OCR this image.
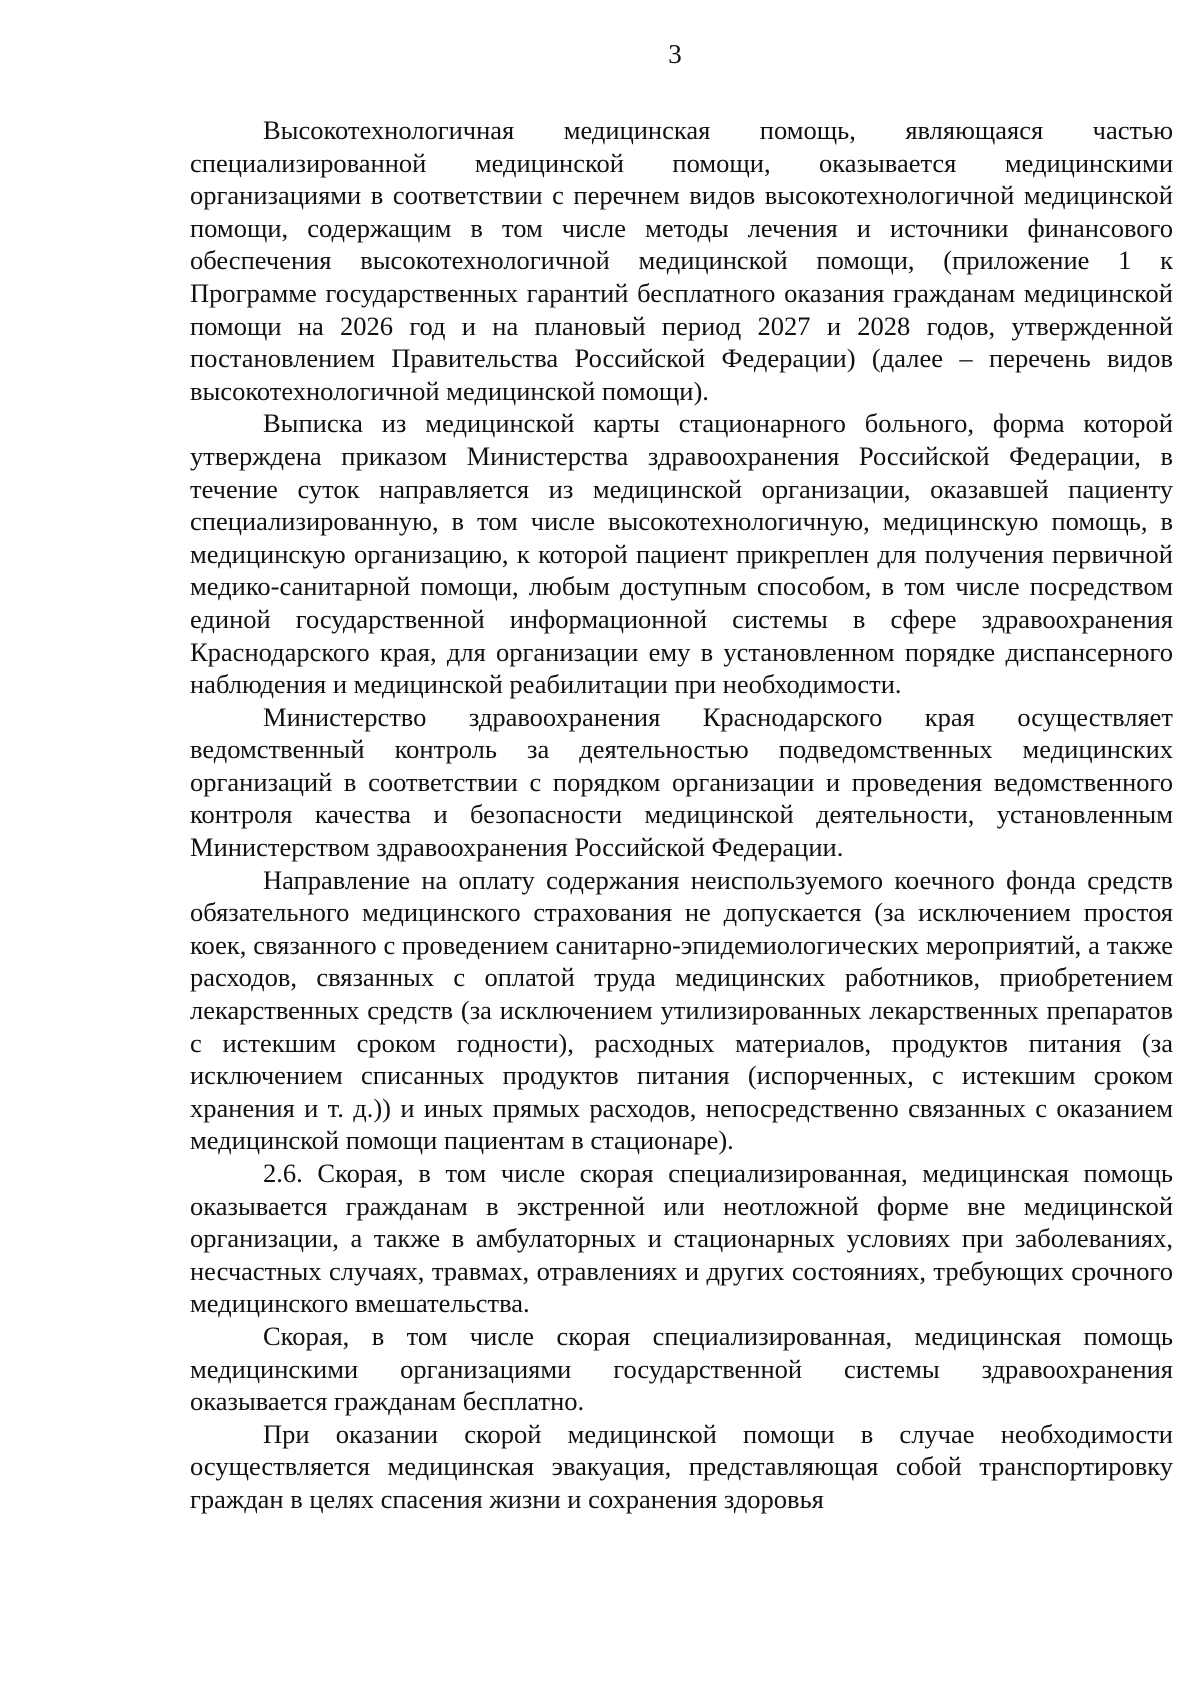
3

Высокотехнологичная медицинская помощь, являющаяся частью специализированной медицинской помощи, оказывается медицинскими организациями в соответствии с перечнем видов высокотехнологичной медицинской помощи, содержащим в том числе методы лечения и источники финансового обеспечения высокотехнологичной медицинской помощи, (приложение 1 к Программе государственных гарантий бесплатного оказания гражданам медицинской помощи на 2026 год и на плановый период 2027 и 2028 годов, утвержденной постановлением Правительства Российской Федерации) (далее – перечень видов высокотехнологичной медицинской помощи).

Выписка из медицинской карты стационарного больного, форма которой утверждена приказом Министерства здравоохранения Российской Федерации, в течение суток направляется из медицинской организации, оказавшей пациенту специализированную, в том числе высокотехнологичную, медицинскую помощь, в медицинскую организацию, к которой пациент прикреплен для получения первичной медико-санитарной помощи, любым доступным способом, в том числе посредством единой государственной информационной системы в сфере здравоохранения Краснодарского края, для организации ему в установленном порядке диспансерного наблюдения и медицинской реабилитации при необходимости.

Министерство здравоохранения Краснодарского края осуществляет ведомственный контроль за деятельностью подведомственных медицинских организаций в соответствии с порядком организации и проведения ведомственного контроля качества и безопасности медицинской деятельности, установленным Министерством здравоохранения Российской Федерации.

Направление на оплату содержания неиспользуемого коечного фонда средств обязательного медицинского страхования не допускается (за исключением простоя коек, связанного с проведением санитарно-эпидемиологических мероприятий, а также расходов, связанных с оплатой труда медицинских работников, приобретением лекарственных средств (за исключением утилизированных лекарственных препаратов с истекшим сроком годности), расходных материалов, продуктов питания (за исключением списанных продуктов питания (испорченных, с истекшим сроком хранения и т. д.)) и иных прямых расходов, непосредственно связанных с оказанием медицинской помощи пациентам в стационаре).

2.6. Скорая, в том числе скорая специализированная, медицинская помощь оказывается гражданам в экстренной или неотложной форме вне медицинской организации, а также в амбулаторных и стационарных условиях при заболеваниях, несчастных случаях, травмах, отравлениях и других состояниях, требующих срочного медицинского вмешательства.

Скорая, в том числе скорая специализированная, медицинская помощь медицинскими организациями государственной системы здравоохранения оказывается гражданам бесплатно.

При оказании скорой медицинской помощи в случае необходимости осуществляется медицинская эвакуация, представляющая собой транспортировку граждан в целях спасения жизни и сохранения здоровья
